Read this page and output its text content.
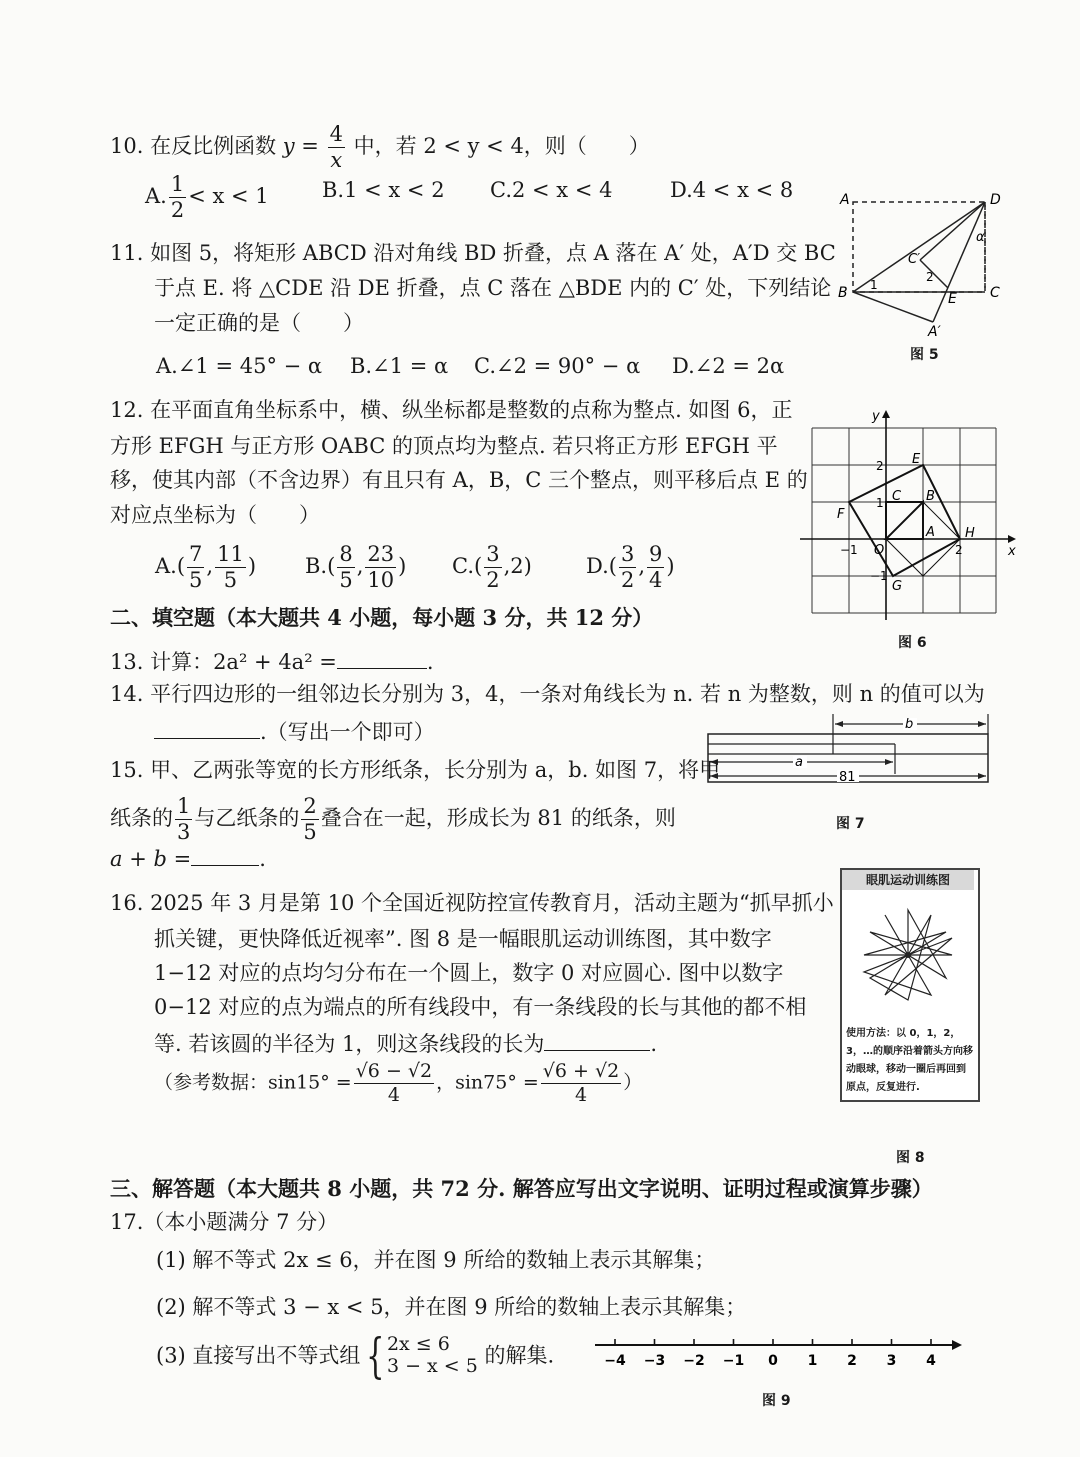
10. 在反比例函数 $y = \frac{4}{x}$ 中，若 2 < y < 4，则（　　）
A. $\frac{1}{2} < x < 1$	B.1 < x < 2 C.2 < x < 4	D.4 < x < 8
11. 如图 5，将矩形 ABCD 沿对角线 BD 折叠，点 A 落在 A′ 处，A′D 交 BC
于点 E. 将 △CDE 沿 DE 折叠，点 C 落在 △BDE 内的 C′ 处，下列结论
一定正确的是（　　）
A.∠1 = 45° − α B.∠1 = α C.∠2 = 90° − α D.∠2 = 2α
A
B	C
D
E
A′
C′
1
2
α
图 5
12. 在平面直角坐标系中，横、纵坐标都是整数的点称为整点. 如图 6，正
方形 EFGH 与正方形 OABC 的顶点均为整点. 若只将正方形 EFGH 平
移，使其内部（不含边界）有且只有 A，B，C 三个整点，则平移后点 E 的
对应点坐标为（　　）
$A.( \frac{7}{5}$ , $\frac{11}{5}$ ) $B.( \frac{8}{5}$ , $\frac{23}{10}$ ) $C.( \frac{3}{2} ,2)$	$D.( \frac{3}{2}$ , $\frac{9}{4}$ )
x
y
O
A
B
C
E
F
G
H
2
1
−1
2
−1
图 6
二、填空题（本大题共 4 小题，每小题 3 分，共 12 分）
13. 计算：2a² + 4a² =	.
14. 平行四边形的一组邻边长分别为 3，4，一条对角线长为 n. 若 n 为整数，则 n 的值可以为
.（写出一个即可）	b
a
81
图 7
15. 甲、乙两张等宽的长方形纸条，长分别为 a，b. 如图 7，将甲
纸条的 $\frac{1}{3}$ 与乙纸条的 $\frac{2}{5}$ 叠合在一起，形成长为 81 的纸条，则
a + b =	.
16. 2025 年 3 月是第 10 个全国近视防控宣传教育月，活动主题为“抓早抓小
抓关键，更快降低近视率”. 图 8 是一幅眼肌运动训练图，其中数字
1−12 对应的点均匀分布在一个圆上，数字 0 对应圆心. 图中以数字
0−12 对应的点为端点的所有线段中，有一条线段的长与其他的都不相
等. 若该圆的半径为 1，则这条线段的长为	.
（参考数据：$\sin 15^\circ = \frac{√6 - √2}{4}$ ，$\sin 75^\circ = \frac{√6 + √2}{4}$ ）
眼肌运动训练图
使用方法：以 0，1，2，3，…的顺序沿着箭头方向移动眼球，移动一圈后再回到原点，反复进行.
图 8
三、解答题（本大题共 8 小题，共 72 分. 解答应写出文字说明、证明过程或演算步骤）
17.（本小题满分 7 分）
(1) 解不等式 2x ≤ 6，并在图 9 所给的数轴上表示其解集；
(2) 解不等式 3 − x < 5，并在图 9 所给的数轴上表示其解集；
(3) 直接写出不等式组 { 2x ≤ 6
3 − x < 5 的解集.	−4 −3 −2 −1 0 1 2 3 4
图 9
